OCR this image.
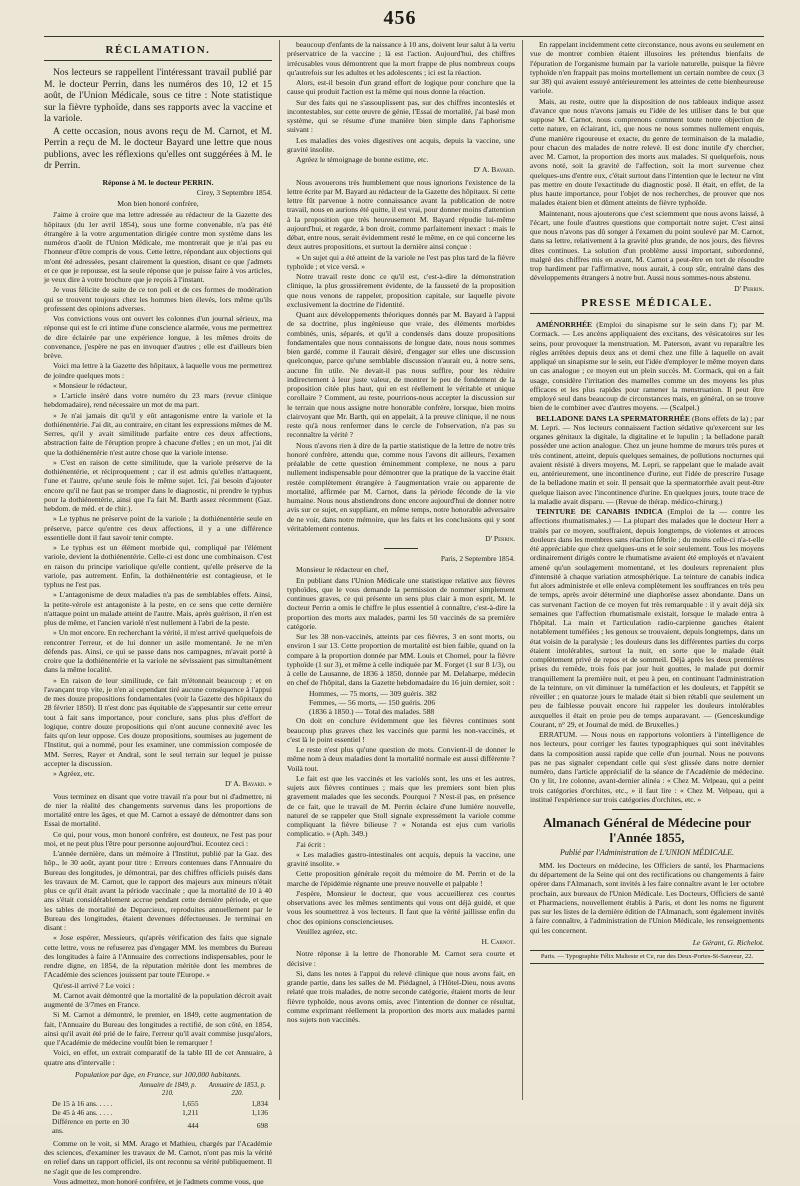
456
RÉCLAMATION.

Nos lecteurs se rappellent l'intéressant travail publié par M. le docteur Perrin, dans les numéros des 10, 12 et 15 août, de l'Union Médicale, sous ce titre : Note statistique sur la fièvre typhoïde, dans ses rapports avec la vaccine et la variole.

A cette occasion, nous avons reçu de M. Carnot, et M. Perrin a reçu de M. le docteur Bayard une lettre que nous publions, avec les réflexions qu'elles ont suggérées à M. le dr Perrin.

Réponse à M. le docteur PERRIN.
Cirey, 3 Septembre 1854.
Mon bien honoré confrère,

J'aime à croire que ma lettre adressée au rédacteur de la Gazette des hôpitaux (du 1er avril 1854), sous une forme convenable, n'a pas été étrangère à la votre argumentation dirigée contre mon système dans les numéros d'août de l'Union Médicale, me montrerait que je n'ai pas eu l'honneur d'être compris de vous. Cette lettre, répondant aux objections qui m'ont été adressées, pesant clairement la question, disant ce que j'admets et ce que je repousse, est la seule réponse que je puisse faire à vos articles, je veux dire à votre brochure que je reçois à l'instant.

Je vous félicite de suite de ce ton poli et de ces formes de modération qui se trouvent toujours chez les hommes bien élevés, lors même qu'ils professent des opinions adverses.

Vos convictions vous ont ouvert les colonnes d'un journal sérieux, ma réponse qui est le cri intime d'une conscience alarmée, vous me permettrez de dire éclairée par une expérience longue, à les mêmes droits de convenance, j'espère ne pas en invoquer d'autres ; elle est d'ailleurs bien brève.

Voici ma lettre à la Gazette des hôpitaux, à laquelle vous me permettrez de joindre quelques mots :

« Monsieur le rédacteur,

» L'article inséré dans votre numéro du 23 mars (revue clinique hebdomadaire), rend nécessaire un mot de ma part.

» Je n'ai jamais dit qu'il y eût antagonisme entre la variole et la dothiénentérie. J'ai dit, au contraire, en citant les expressions mêmes de M. Serres, qu'il y avait similitude parfaite entre ces deux affections, abstraction faite de l'éruption propre à chacune d'elles ; en un mot, j'ai dit que la dothiénentérie n'est autre chose que la variole intense.

» C'est en raison de cette similitude, que la variole préserve de la dothiénentérie, et réciproquement ; car il est admis qu'elles n'attaquent, l'une et l'autre, qu'une seule fois le même sujet. Ici, j'ai besoin d'ajouter encore qu'il ne faut pas se tromper dans le diagnostic, ni prendre le typhus pour la dothiénentérie, ainsi que l'a fait M. Barth assez récemment (Gaz. hebdom. de méd. et de chir.).

» Le typhus ne préserve point de la variole ; la dothiénentérie seule en préserve, parce qu'entre ces deux affections, il y a une différence essentielle dont il faut savoir tenir compte.

» Le typhus est un élément morbide qui, compliqué par l'élément variole, devient la dothiénentérie. Celle-ci est donc une combinaison. C'est en raison du principe variolique qu'elle contient, qu'elle préserve de la variole, pas autrement. Enfin, la dothiénentérie est contagieuse, et le typhus ne l'est pas.

» L'antagonisme de deux maladies n'a pas de semblables effets. Ainsi, la petite-vérole est antagoniste à la peste, en ce sens que cette dernière n'attaque point un malade atteint de l'autre. Mais, après guérison, il n'en est plus de même, et l'ancien variolé n'est nullement à l'abri de la peste.

» Un mot encore. En recherchant la vérité, il m'est arrivé quelquefois de rencontrer l'erreur, et de lui donner un asile momentané. Je ne m'en défends pas. Ainsi, ce qui se passe dans nos campagnes, m'avait porté à croire que la dothiénentérie et la variole ne sévissaient pas simultanément dans la même localité.

» En raison de leur similitude, ce fait m'étonnait beaucoup ; et en l'avançant trop vite, je n'en ai cependant tiré aucune conséquence à l'appui de mes douze propositions fondamentales (voir la Gazette des hôpitaux du 28 février 1850). Il n'est donc pas équitable de s'appesantir sur cette erreur tout à fait sans importance, pour conclure, sans plus plus d'effort de logique, contre douze propositions qui n'ont aucune connexité avec les faits qu'on leur oppose. Ces douze propositions, soumises au jugement de l'Institut, qui a nommé, pour les examiner, une commission composée de MM. Serres, Rayer et Andral, sont le seul terrain sur lequel je puisse accepter la discussion.

» Agréez, etc.

D' A. Bayard. »

Vous terminez en disant que votre travail n'a pour but ni d'admettre, ni de nier la réalité des changements survenus dans les proportions de mortalité entre les âges, et que M. Carnot a essayé de démontrer dans son Essai de mortalité.

Ce qui, pour vous, mon honoré confrère, est douteux, ne l'est pas pour moi, et ne peut plus l'être pour personne aujourd'hui. Ecoutez ceci :

L'année dernière, dans un mémoire à l'Institut, publié par la Gaz. des hôp., le 30 août, ayant pour titre : Erreurs contenues dans l'Annuaire du Bureau des longitudes, je démontrai, par des chiffres officiels puisés dans les travaux de M. Carnot, que le rapport des majeurs aux mineurs n'était plus ce qu'il était avant la période vaccinale ; que la mortalité de 10 à 40 ans s'était considérablement accrue pendant cette dernière période, et que les tables de mortalité de Deparcieux, reproduites annuellement par le Bureau des longitudes, étaient devenues défectueuses. Je terminai en disant :

« Jose espérer, Messieurs, qu'après vérification des faits que signale cette lettre, vous ne refuserez pas d'engager MM. les membres du Bureau des longitudes à faire à l'Annuaire des corrections indispensables, pour le rendre digne, en 1854, de la réputation méritée dont les membres de l'Académie des sciences jouissent par toute l'Europe. »

Qu'est-il arrivé ? Le voici :

M. Carnot avait démontré que la mortalité de la population décroit avait augmenté de 3/7mes en France.

Si M. Carnot a démontré, le premier, en 1849, cette augmentation de fait, l'Annuaire du Bureau des longitudes a rectifié, de son côté, en 1854, ainsi qu'il avait été prié de le faire, l'erreur qu'il avait commise jusqu'alors, que l'Académie de médecine voulût bien le remarquer !

Voici, en effet, un extrait comparatif de la table III de cet Annuaire, à quatre ans d'intervalle :

Population par âge, en France, sur 100,000 habitants.
	Annuaire de 1849, p. 210.	Annuaire de 1853, p. 220.
De 15 à 16 ans. . . . .	1,655	1,834
De 45 à 46 ans. . . . .	1,211	1,136
Différence en perte en 30 ans.	444	698

Comme on le voit, si MM. Arago et Mathieu, chargés par l'Académie des sciences, d'examiner les travaux de M. Carnot, n'ont pas mis la vérité en relief dans un rapport officiel, ils ont reconnu sa vérité publiquement. Il ne s'agit que de les comprendre.

Vous admettez, mon honoré confrère, et je l'admets comme vous, que

beaucoup d'enfants de la naissance à 10 ans, doivent leur salut à la vertu préservatrice de la vaccine ; là est l'action. Aujourd'hui, des chiffres irrécusables vous démontrent que la mort frappe de plus nombreux coups qu'autrefois sur les adultes et les adolescents ; ici est la réaction.

Alors, est-il besoin d'un grand effort de logique pour conclure que la cause qui produit l'action est la même qui nous donne la réaction.

Sur des faits qui ne s'assouplissent pas, sur des chiffres inconteslés et incontestables, sur cette œuvre de génie, l'Essai de mortalité, j'ai basé mon système, qui se résume d'une manière bien simple dans l'aphorisme suivant :

Les maladies des voies digestives ont acquis, depuis la vaccine, une gravité insolite.

Agréez le témoignage de bonne estime, etc.

D' A. Bayard.

Nous avouerons très humblement que nous ignorions l'existence de la lettre écrite par M. Bayard au rédacteur de la Gazette des hôpitaux. Si cette lettre fût parvenue à notre connaissance avant la publication de notre travail, nous en aurions été quitte, il est vrai, pour donner moins d'attention à la proposition que très heureusement M. Bayard répudie lui-même aujourd'hui, et regarde, à bon droit, comme parfaitement inexact : mais le débat, entre nous, serait évidemment resté le même, en ce qui concerne les deux autres propositions, et surtout la dernière ainsi conçue :

« Un sujet qui a été atteint de la variole ne l'est pas plus tard de la fièvre typhoïde ; et vice versâ. »

Notre travail reste donc ce qu'il est, c'est-à-dire la démonstration clinique, la plus grossièrement évidente, de la fausseté de la proposition que nous venons de rappeler, proposition capitale, sur laquelle pivote exclusivement la doctrine de l'identité.

Quant aux développements théoriques donnés par M. Bayard à l'appui de sa doctrine, plus ingénieuse que vraie, des éléments morbides combinés, unis, séparés, et qu'il a condensés dans douze propositions fondamentales que nous connaissons de longue date, nous nous sommes bien gardé, comme il l'aurait désiré, d'engager sur elles une discussion quelconque, parce qu'une semblable discussion n'aurait eu, à notre sens, aucune fin utile. Ne devait-il pas nous suffire, pour les réduire indirectement à leur juste valeur, de montrer le peu de fondement de la proposition citée plus haut, qui en est réellement le véritable et unique corollaire ? Comment, au reste, pourrions-nous accepter la discussion sur le terrain que nous assigne notre honorable confrère, lorsque, bien moins clairvoyant que Mr. Barth, qui en appelait, à la preuve clinique, il ne nous reste qu'à nous renfermer dans le cercle de l'observation, n'a pas su reconnaître la vérité ?

Nous n'avons rien à dire de la partie statistique de la lettre de notre très honoré confrère, attendu que, comme nous l'avons dit ailleurs, l'examen préalable de cette question éminemment complexe, ne nous a paru nullement indispensable pour démontrer que la pratique de la vaccine était restée complètement étrangère à l'augmentation vraie ou apparente de mortalité, affirmée par M. Carnot, dans la période féconde de la vie humaine. Nous nous abstiendrons donc encore aujourd'hui de donner notre avis sur ce sujet, en suppliant, en même temps, notre honorable adversaire de ne voir, dans notre mémoire, que les faits et les conclusions qui y sont véritablement contenus.

D' Perrin.
Paris, 2 Septembre 1854.

Monsieur le rédacteur en chef,

En publiant dans l'Union Médicale une statistique relative aux fièvres typhoïdes, que le vous demande la permission de nommer simplement continues graves, ce qui présente un sens plus clair à mon esprit, M. le docteur Perrin a omis le chiffre le plus essentiel à connaître, c'est-à-dire la proportion des morts aux malades, parmi les 50 vaccinés de sa première catégorie.

Sur les 38 non-vaccinés, atteints par ces fièvres, 3 en sont morts, ou environ 1 sur 13. Cette proportion de mortalité est bien faible, quand on la compare à la proportion donnée par MM. Louis et Chomel, pour la fièvre typhoïde (1 sur 3), et même à celle indiquée par M. Forget (1 sur 8 1/3), ou à celle de Lausanne, de 1836 à 1850, donnée par M. Delaharpe, médecin en chef de l'hôpital, dans la Gazette hebdomadaire du 16 juin dernier, soit :

Hommes, — 75 morts, — 309 guéris. 382

Femmes, — 56 morts, — 150 guéris. 206

(1836 à 1850.) — Total des malades. 588

On doit en conclure évidemment que les fièvres continues sont beaucoup plus graves chez les vaccinés que parmi les non-vaccinés, et c'est là le point essentiel !

Le reste n'est plus qu'une question de mots. Convient-il de donner le même nom à deux maladies dont la mortalité normale est aussi différente ? Voilà tout.

Le fait est que les vaccinés et les variolés sont, les uns et les autres, sujets aux fièvres continues ; mais que les premiers sont bien plus gravement malades que les seconds. Pourquoi ? N'est-il pas, en présence de ce fait, que le travail de M. Perrin éclaire d'une lumière nouvelle, naturel de se rappeler que Stoll signale expressément la variole comme compliquant la fièvre bilieuse ? « Notanda est ejus cum variolis complicatio. » (Aph. 349.)

J'ai écrit :

« Les maladies gastro-intestinales ont acquis, depuis la vaccine, une gravité insolite. »

Cette proposition générale reçoit du mémoire de M. Perrin et de la marche de l'épidémie régnante une preuve nouvelle et palpable !

J'espère, Monsieur le docteur, que vous accueillerez ces courtes observations avec les mêmes sentiments qui vous ont déjà guidé, et que vous les soumettrez à vos lecteurs. Il faut que la vérité jaillisse enfin du choc des opinions consciencieuses.

Veuillez agréez, etc.

H. Carnot.

Notre réponse à la lettre de l'honorable M. Carnot sera courte et décisive :

Si, dans les notes à l'appui du relevé clinique que nous avons fait, en grande partie, dans les salles de M. Piédagnel, à l'Hôtel-Dieu, nous avons relaté que trois malades, de notre seconde catégorie, étaient morts de leur fièvre typhoïde, nous avons omis, avec l'intention de donner ce résultat, comme exprimant réellement la proportion des morts aux malades parmi nos sujets non vaccinés.

En rappelant incidemment cette circonstance, nous avons eu seulement en vue de montrer combien étaient illusoires les prétendus bienfaits de l'épuration de l'organisme humain par la variole naturelle, puisque la fièvre typhoïde n'en frappait pas moins mortellement un certain nombre de ceux (3 sur 38) qui avaient essuyé antérieurement les atteintes de cette bienheureuse variole.

Mais, au reste, outre que la disposition de nos tableaux indique assez d'avance que nous n'avons jamais eu l'idée de les utiliser dans le but que suppose M. Carnot, nous comprenons comment toute notre objection de cette nature, en éclairant, ici, que nous ne nous sommes nullement enquis, d'une manière rigoureuse et exacte, du genre de terminaison de la maladie, pour chacun des malades de notre relevé. Il est donc inutile d'y chercher, avec M. Carnot, la proportion des morts aux malades. Si quelquefois, nous avons noté, soit la gravité de l'affection, soit la mort survenue chez quelques-uns d'entre eux, c'était surtout dans l'intention que le lecteur ne vînt pas mettre en doute l'exactitude du diagnostic posé. Il était, en effet, de la plus haute importance, pour l'objet de nos recherches, de prouver que nos malades étaient bien et dûment atteints de fièvre typhoïde.

Maintenant, nous ajouterons que c'est sciemment que nous avons laissé, à l'écart, une foule d'autres questions que comportait notre sujet. C'est ainsi que nous n'avons pas dû songer à l'examen du point soulevé par M. Carnot, dans sa lettre, relativement à la gravité plus grande, de nos jours, des fièvres dites continues. La solution d'un problème aussi important, subordonné, malgré des chiffres mis en avant, M. Carnot a peut-être en tort de résoudre trop hardiment par l'affirmative, nous aurait, à coup sûr, entraîné dans des développements étrangers à notre but. Aussi nous sommes-nous abstenu.

D' Perrin.
PRESSE MÉDICALE.

AMÉNORRHÉE (Emploi du sinapisme sur le sein dans l'); par M. Cormack. — Les ancèns appliquaient des excitans, des vésicatoires sur les seins, pour provoquer la menstruation. M. Paterson, avant vu reparaître les règles arrêtées depuis deux ans et demi chez une fille à laquelle on avait appliqué un sinapisme sur le sein, eut l'idée d'employer le même moyen dans un cas analogue ; ce moyen eut un plein succès. M. Cormack, qui en a fait usage, considère l'irritation des mamelles comme un des moyens les plus efficaces et les plus rapides pour ramener la menstruation. Il peut être employé seul dans beaucoup de circonstances mais, en général, on se trouve bien de le combiner avec d'autres moyens. — (Scalpel.)

BELLADONE DANS LA SPERMATORRHÉE (Bons effets de la) ; par M. Lepri. — Nos lecteurs connaissent l'action sédative qu'exercent sur les organes génitaux la digitale, la digitaline et le lupulin ; la belladone paraît posséder une action analogue. Chez un jeune homme de mœurs très pures et très continent, atteint, depuis quelques semaines, de pollutions nocturnes qui avaient résisté à divers moyens, M. Lepri, se rappelant que le malade avait eu, antérieurement, une incontinence d'urine, eut l'idée de prescrire l'usage de la belladone matin et soir. Il pensait que la spermatorrhée avait peut-être quelque liaison avec l'incontinence d'urine. En quelques jours, toute trace de la maladie avait disparu. — (Revue de thérap. médico-chirurg.)

TEINTURE DE CANABIS INDICA (Emploi de la — contre les affections rhumatismales.) — La plupart des malades que le docteur Herr a traités par ce moyen, souffraient, depuis longtemps, de violentes et atroces douleurs dans les membres sans réaction fébrile ; du moins celle-ci n'a-t-elle été appréciable que chez quelques-uns et le soir seulement. Tous les moyens ordinairement dirigés contre le rhumatisme avaient été employés et n'avaient amené qu'un soulagement momentané, et les douleurs reprenaient plus d'intensité à chaque variation atmosphérique. La teinture de canabis indica fut alors administrée et elle enleva complètement les souffrances en très peu de temps, après avoir déterminé une diaphorèse assez abondante. Dans un cas survenant l'action de ce moyen fut très remarquable : il y avait déjà six semaines que l'affection rhumatismale existait, lorsque le malade entra à l'hôpital. La main et l'articulation radio-carpienne gauches étaient notablement tuméfiées ; les genoux se trouvaient, depuis longtemps, dans un état voisin de la paralysie ; les douleurs dans les différentes parties du corps étaient intolérables, surtout la nuit, en sorte que le malade était complètement privé de repos et de sommeil. Déjà après les deux premières prises du remède, trois fois par jour huit gouttes, le malade put dormir tranquillement la première nuit, et peu à peu, en continuant l'administration de la teinture, on vit diminuer la tuméfaction et les douleurs, et l'appétit se réveiller ; en quatorze jours le malade était si bien rétabli que seulement un peu de faiblesse pouvait encore lui rappeler les douleurs intolérables auxquelles il était en proie peu de temps auparavant. — (Genceskundige Courant, n° 29, et Journal de méd. de Bruxelles.)

ERRATUM. — Nous nous en rapportons volontiers à l'intelligence de nos lecteurs, pour corriger les fautes typographiques qui sont inévitables dans la composition aussi rapide que celle d'un journal. Nous ne pouvons pas ne pas signaler cependant celle qui s'est glissée dans notre dernier numéro, dans l'article apprécialif de la séance de l'Académie de médecine. On y lit, 1re colonne, avant-dernier alinéa : « Chez M. Velpeau, qui a peint trois catégories d'orchites, etc., » il faut lire : « Chez M. Velpeau, qui a institué l'expérience sur trois catégories d'orchites, etc. »

Almanach Général de Médecine pour l'Année 1855,
Publié par l'Administration de L'UNION MÉDICALE.

MM. les Docteurs en médecine, les Officiers de santé, les Pharmaciens du département de la Seine qui ont des rectifications ou changements à faire opérer dans l'Almanach, sont invités à les faire connaître avant le 1er octobre prochain, aux bureaux de l'Union Médicale. Les Docteurs, Officiers de santé et Pharmaciens, nouvellement établis à Paris, et dont les noms ne figurent pas sur les listes de la dernière édition de l'Almanach, sont également invités à faire connaître, à l'administration de l'Union Médicale, les renseignements qui les concernent.

Le Gérant, G. Richelot.

Paris. — Typographie Félix Malteste et Ce, rue des Deux-Portes-St-Sauveur, 22.
